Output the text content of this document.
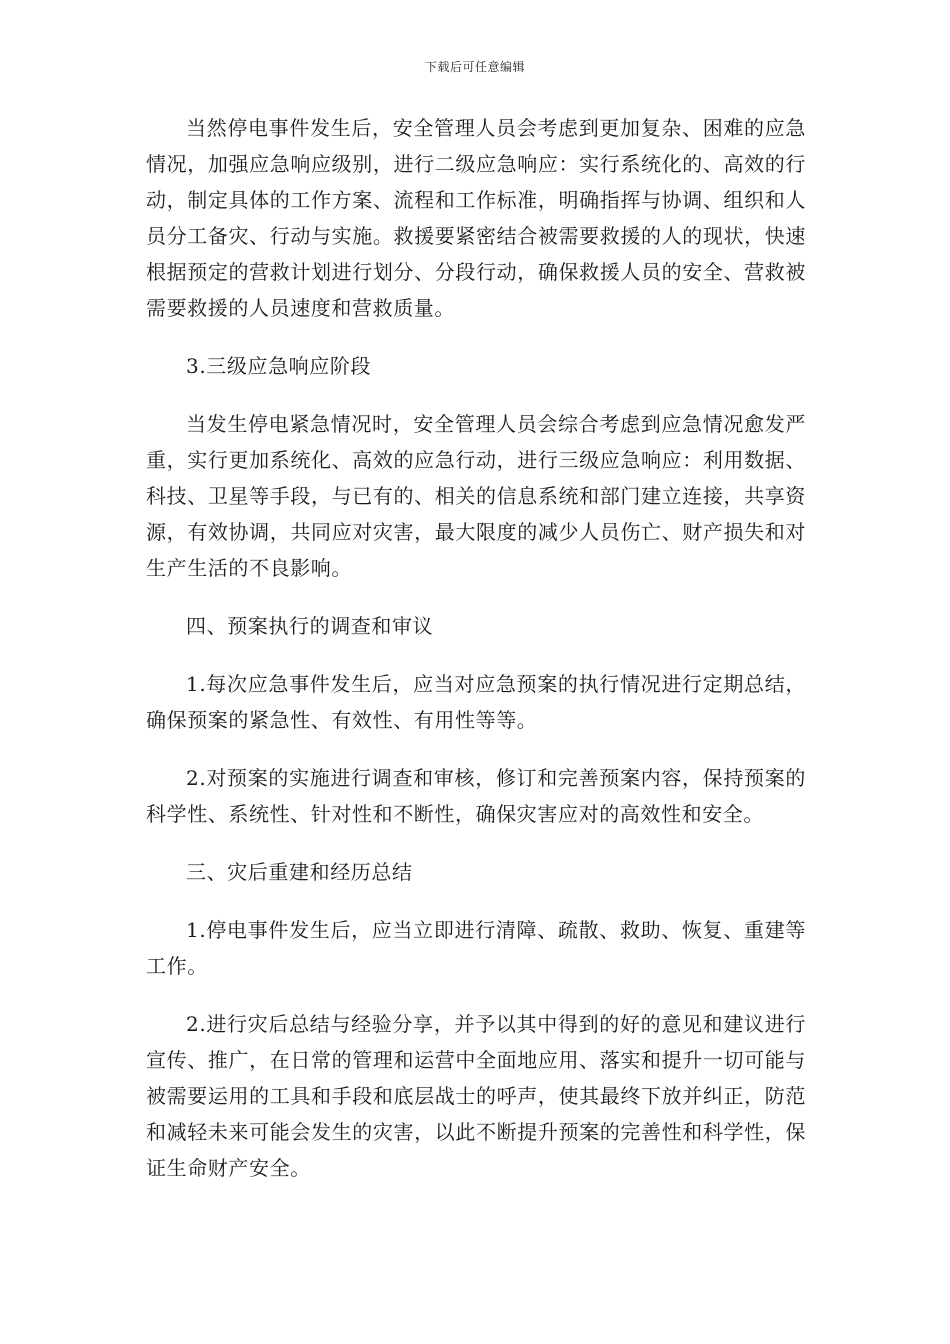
下载后可任意编辑

当然停电事件发生后，安全管理人员会考虑到更加复杂、困难的应急情况，加强应急响应级别，进行二级应急响应：实行系统化的、高效的行动，制定具体的工作方案、流程和工作标准，明确指挥与协调、组织和人员分工备灾、行动与实施。救援要紧密结合被需要救援的人的现状，快速根据预定的营救计划进行划分、分段行动，确保救援人员的安全、营救被需要救援的人员速度和营救质量。

3.三级应急响应阶段

当发生停电紧急情况时，安全管理人员会综合考虑到应急情况愈发严重，实行更加系统化、高效的应急行动，进行三级应急响应：利用数据、科技、卫星等手段，与已有的、相关的信息系统和部门建立连接，共享资源，有效协调，共同应对灾害，最大限度的减少人员伤亡、财产损失和对生产生活的不良影响。

四、预案执行的调查和审议

1.每次应急事件发生后，应当对应急预案的执行情况进行定期总结，确保预案的紧急性、有效性、有用性等等。

2.对预案的实施进行调查和审核，修订和完善预案内容，保持预案的科学性、系统性、针对性和不断性，确保灾害应对的高效性和安全。

三、灾后重建和经历总结

1.停电事件发生后，应当立即进行清障、疏散、救助、恢复、重建等工作。

2.进行灾后总结与经验分享，并予以其中得到的好的意见和建议进行宣传、推广，在日常的管理和运营中全面地应用、落实和提升一切可能与被需要运用的工具和手段和底层战士的呼声，使其最终下放并纠正，防范和减轻未来可能会发生的灾害，以此不断提升预案的完善性和科学性，保证生命财产安全。
